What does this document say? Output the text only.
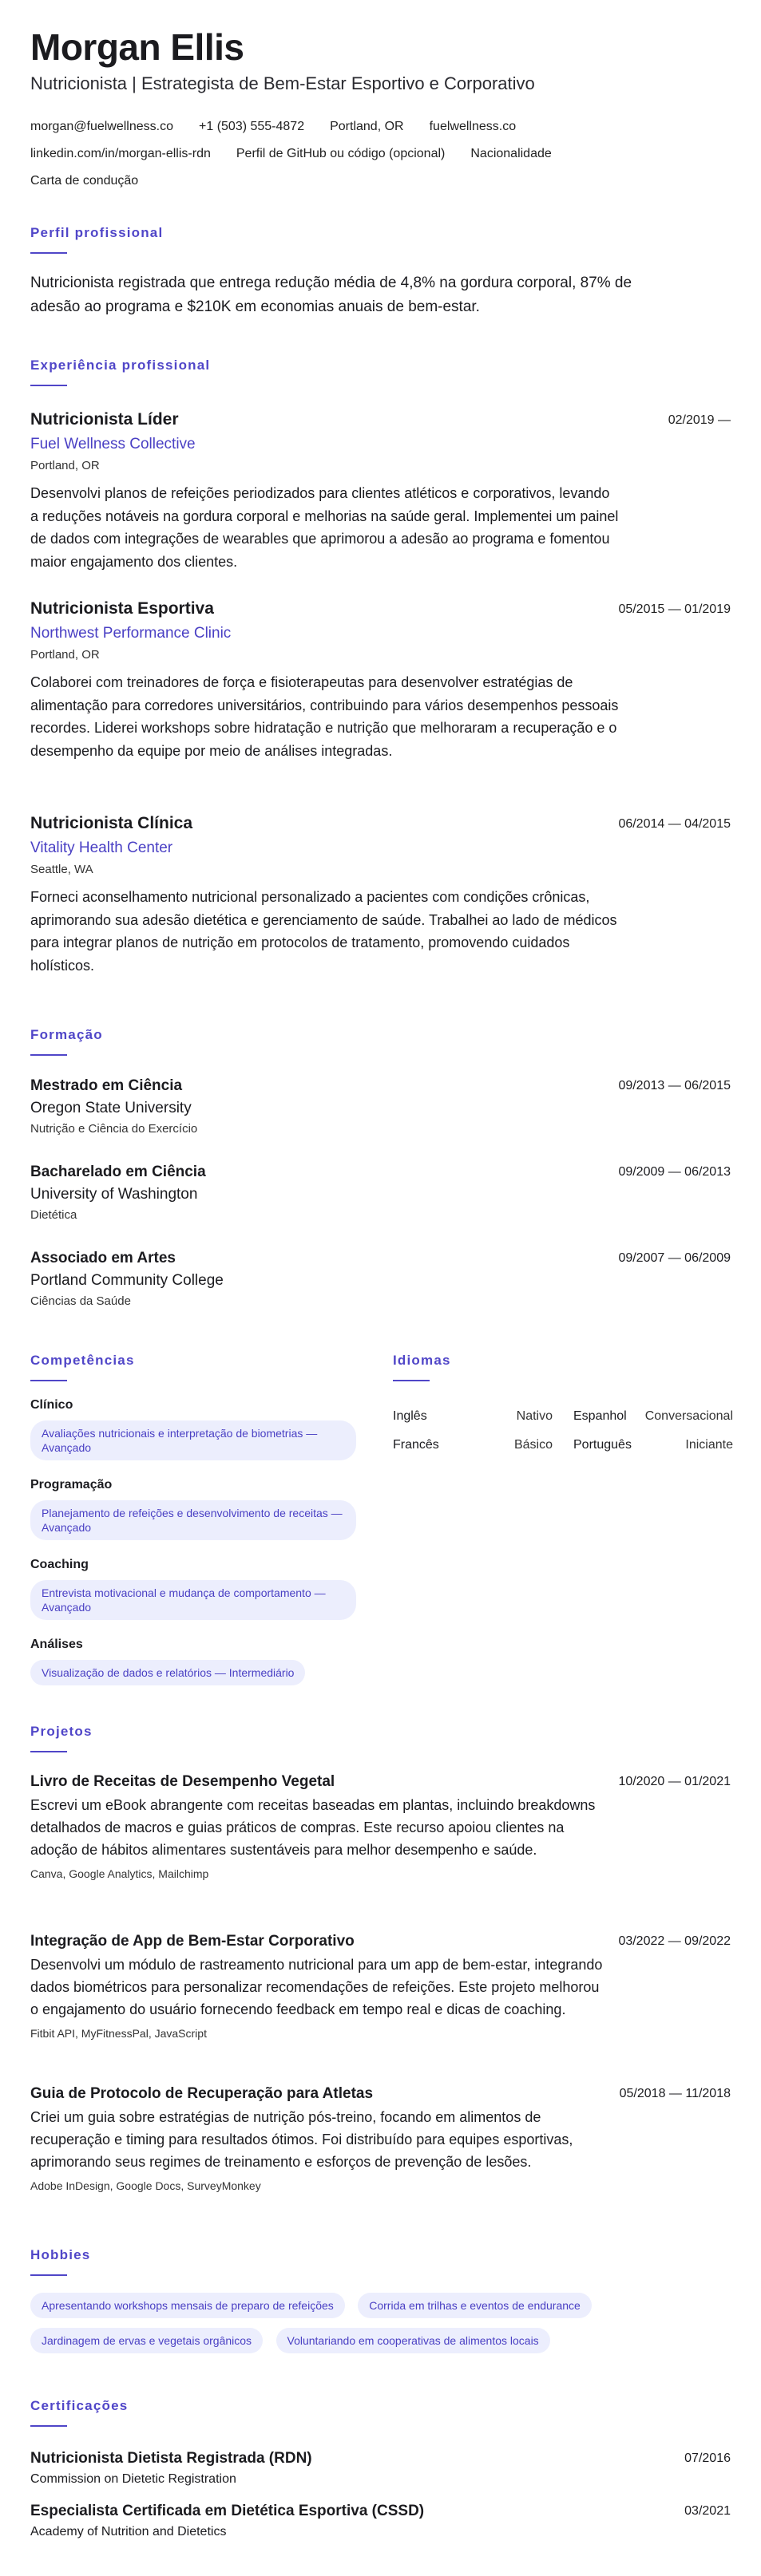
Morgan Ellis
Nutricionista | Estrategista de Bem-Estar Esportivo e Corporativo
morgan@fuelwellness.co +1 (503) 555-4872 Portland, OR fuelwellness.co
linkedin.com/in/morgan-ellis-rdn Perfil de GitHub ou código (opcional) Nacionalidade
Carta de condução
Perfil profissional
Nutricionista registrada que entrega redução média de 4,8% na gordura corporal, 87% de adesão ao programa e $210K em economias anuais de bem-estar.
Experiência profissional
Nutricionista Líder
Fuel Wellness Collective
Portland, OR
Desenvolvi planos de refeições periodizados para clientes atléticos e corporativos, levando a reduções notáveis na gordura corporal e melhorias na saúde geral. Implementei um painel de dados com integrações de wearables que aprimorou a adesão ao programa e fomentou maior engajamento dos clientes.
02/2019 —
Nutricionista Esportiva
Northwest Performance Clinic
Portland, OR
Colaborei com treinadores de força e fisioterapeutas para desenvolver estratégias de alimentação para corredores universitários, contribuindo para vários desempenhos pessoais recordes. Liderei workshops sobre hidratação e nutrição que melhoraram a recuperação e o desempenho da equipe por meio de análises integradas.
05/2015 — 01/2019
Nutricionista Clínica
Vitality Health Center
Seattle, WA
Forneci aconselhamento nutricional personalizado a pacientes com condições crônicas, aprimorando sua adesão dietética e gerenciamento de saúde. Trabalhei ao lado de médicos para integrar planos de nutrição em protocolos de tratamento, promovendo cuidados holísticos.
06/2014 — 04/2015
Formação
Mestrado em Ciência
Oregon State University
Nutrição e Ciência do Exercício
09/2013 — 06/2015
Bacharelado em Ciência
University of Washington
Dietética
09/2009 — 06/2013
Associado em Artes
Portland Community College
Ciências da Saúde
09/2007 — 06/2009
Competências
Clínico
Avaliações nutricionais e interpretação de biometrias — Avançado
Programação
Planejamento de refeições e desenvolvimento de receitas — Avançado
Coaching
Entrevista motivacional e mudança de comportamento — Avançado
Análises
Visualização de dados e relatórios — Intermediário
Idiomas
Inglês	Nativo Espanhol Conversacional
Francês	Básico Português	Iniciante
Projetos
Livro de Receitas de Desempenho Vegetal
Escrevi um eBook abrangente com receitas baseadas em plantas, incluindo breakdowns detalhados de macros e guias práticos de compras. Este recurso apoiou clientes na adoção de hábitos alimentares sustentáveis para melhor desempenho e saúde.
Canva, Google Analytics, Mailchimp
10/2020 — 01/2021
Integração de App de Bem-Estar Corporativo
Desenvolvi um módulo de rastreamento nutricional para um app de bem-estar, integrando dados biométricos para personalizar recomendações de refeições. Este projeto melhorou o engajamento do usuário fornecendo feedback em tempo real e dicas de coaching.
Fitbit API, MyFitnessPal, JavaScript
03/2022 — 09/2022
Guia de Protocolo de Recuperação para Atletas
Criei um guia sobre estratégias de nutrição pós-treino, focando em alimentos de recuperação e timing para resultados ótimos. Foi distribuído para equipes esportivas, aprimorando seus regimes de treinamento e esforços de prevenção de lesões.
Adobe InDesign, Google Docs, SurveyMonkey
05/2018 — 11/2018
Hobbies
Apresentando workshops mensais de preparo de refeições	Corrida em trilhas e eventos de endurance
Jardinagem de ervas e vegetais orgânicos	Voluntariando em cooperativas de alimentos locais
Certificações
Nutricionista Dietista Registrada (RDN)
Commission on Dietetic Registration
07/2016
Especialista Certificada em Dietética Esportiva (CSSD)
Academy of Nutrition and Dietetics
03/2021
